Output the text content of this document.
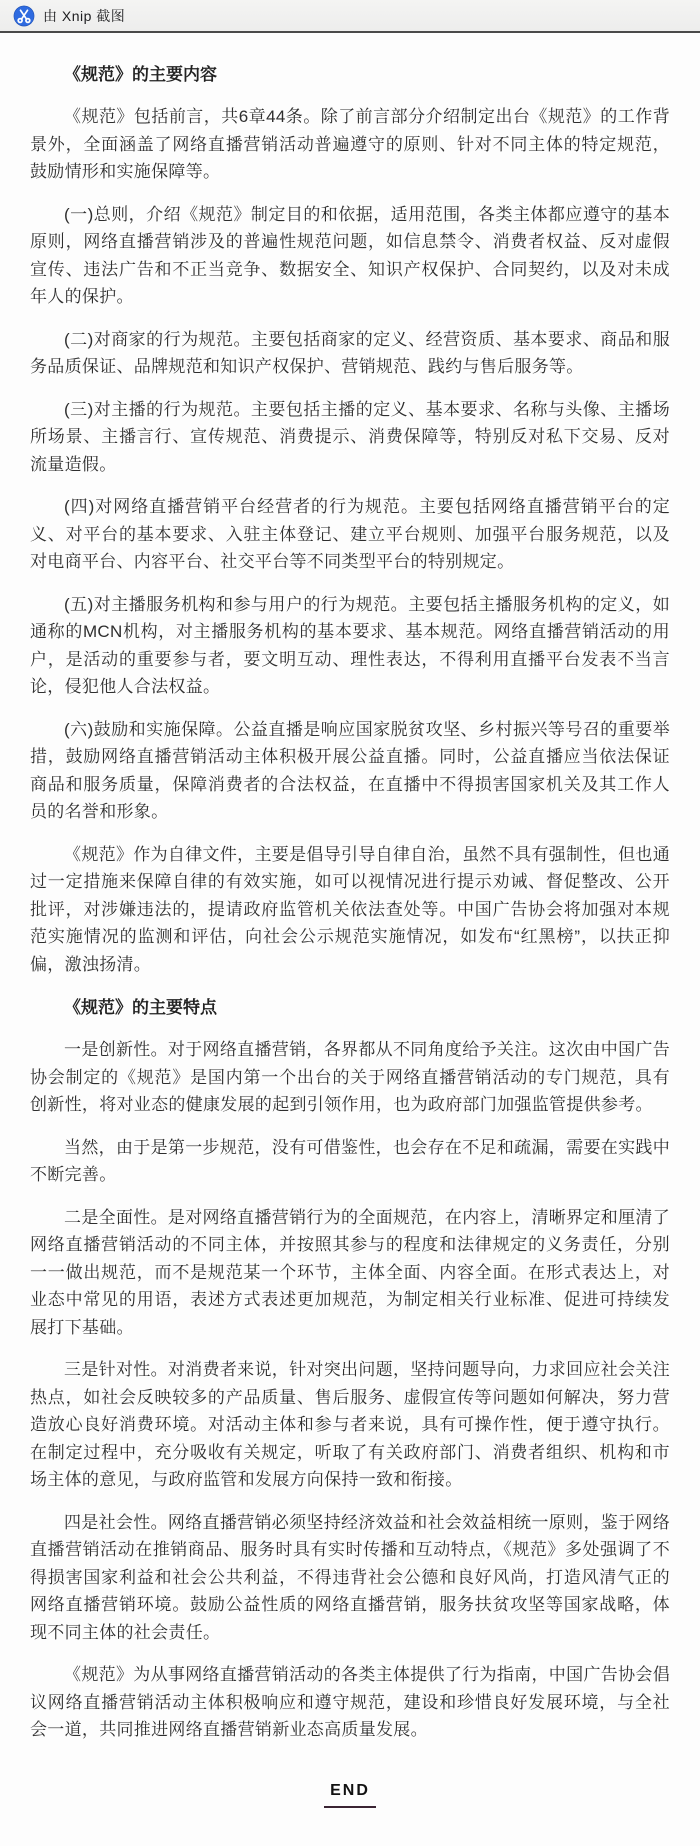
由 Xnip 截图
《规范》的主要内容

《规范》包括前言，共6章44条。除了前言部分介绍制定出台《规范》的工作背景外，全面涵盖了网络直播营销活动普遍遵守的原则、针对不同主体的特定规范，鼓励情形和实施保障等。

(一)总则，介绍《规范》制定目的和依据，适用范围，各类主体都应遵守的基本原则，网络直播营销涉及的普遍性规范问题，如信息禁令、消费者权益、反对虚假宣传、违法广告和不正当竞争、数据安全、知识产权保护、合同契约，以及对未成年人的保护。

(二)对商家的行为规范。主要包括商家的定义、经营资质、基本要求、商品和服务品质保证、品牌规范和知识产权保护、营销规范、践约与售后服务等。

(三)对主播的行为规范。主要包括主播的定义、基本要求、名称与头像、主播场所场景、主播言行、宣传规范、消费提示、消费保障等，特别反对私下交易、反对流量造假。

(四)对网络直播营销平台经营者的行为规范。主要包括网络直播营销平台的定义、对平台的基本要求、入驻主体登记、建立平台规则、加强平台服务规范，以及对电商平台、内容平台、社交平台等不同类型平台的特别规定。

(五)对主播服务机构和参与用户的行为规范。主要包括主播服务机构的定义，如通称的MCN机构，对主播服务机构的基本要求、基本规范。网络直播营销活动的用户，是活动的重要参与者，要文明互动、理性表达，不得利用直播平台发表不当言论，侵犯他人合法权益。

(六)鼓励和实施保障。公益直播是响应国家脱贫攻坚、乡村振兴等号召的重要举措，鼓励网络直播营销活动主体积极开展公益直播。同时，公益直播应当依法保证商品和服务质量，保障消费者的合法权益，在直播中不得损害国家机关及其工作人员的名誉和形象。

《规范》作为自律文件，主要是倡导引导自律自治，虽然不具有强制性，但也通过一定措施来保障自律的有效实施，如可以视情况进行提示劝诫、督促整改、公开批评，对涉嫌违法的，提请政府监管机关依法查处等。中国广告协会将加强对本规范实施情况的监测和评估，向社会公示规范实施情况，如发布“红黑榜”，以扶正抑偏，激浊扬清。

《规范》的主要特点

一是创新性。对于网络直播营销，各界都从不同角度给予关注。这次由中国广告协会制定的《规范》是国内第一个出台的关于网络直播营销活动的专门规范，具有创新性，将对业态的健康发展的起到引领作用，也为政府部门加强监管提供参考。

当然，由于是第一步规范，没有可借鉴性，也会存在不足和疏漏，需要在实践中不断完善。

二是全面性。是对网络直播营销行为的全面规范，在内容上，清晰界定和厘清了网络直播营销活动的不同主体，并按照其参与的程度和法律规定的义务责任，分别一一做出规范，而不是规范某一个环节，主体全面、内容全面。在形式表达上，对业态中常见的用语，表述方式表述更加规范，为制定相关行业标准、促进可持续发展打下基础。

三是针对性。对消费者来说，针对突出问题，坚持问题导向，力求回应社会关注热点，如社会反映较多的产品质量、售后服务、虚假宣传等问题如何解决，努力营造放心良好消费环境。对活动主体和参与者来说，具有可操作性，便于遵守执行。在制定过程中，充分吸收有关规定，听取了有关政府部门、消费者组织、机构和市场主体的意见，与政府监管和发展方向保持一致和衔接。

四是社会性。网络直播营销必须坚持经济效益和社会效益相统一原则，鉴于网络直播营销活动在推销商品、服务时具有实时传播和互动特点，《规范》多处强调了不得损害国家利益和社会公共利益，不得违背社会公德和良好风尚，打造风清气正的网络直播营销环境。鼓励公益性质的网络直播营销，服务扶贫攻坚等国家战略，体现不同主体的社会责任。

《规范》为从事网络直播营销活动的各类主体提供了行为指南，中国广告协会倡议网络直播营销活动主体积极响应和遵守规范，建设和珍惜良好发展环境，与全社会一道，共同推进网络直播营销新业态高质量发展。

END
